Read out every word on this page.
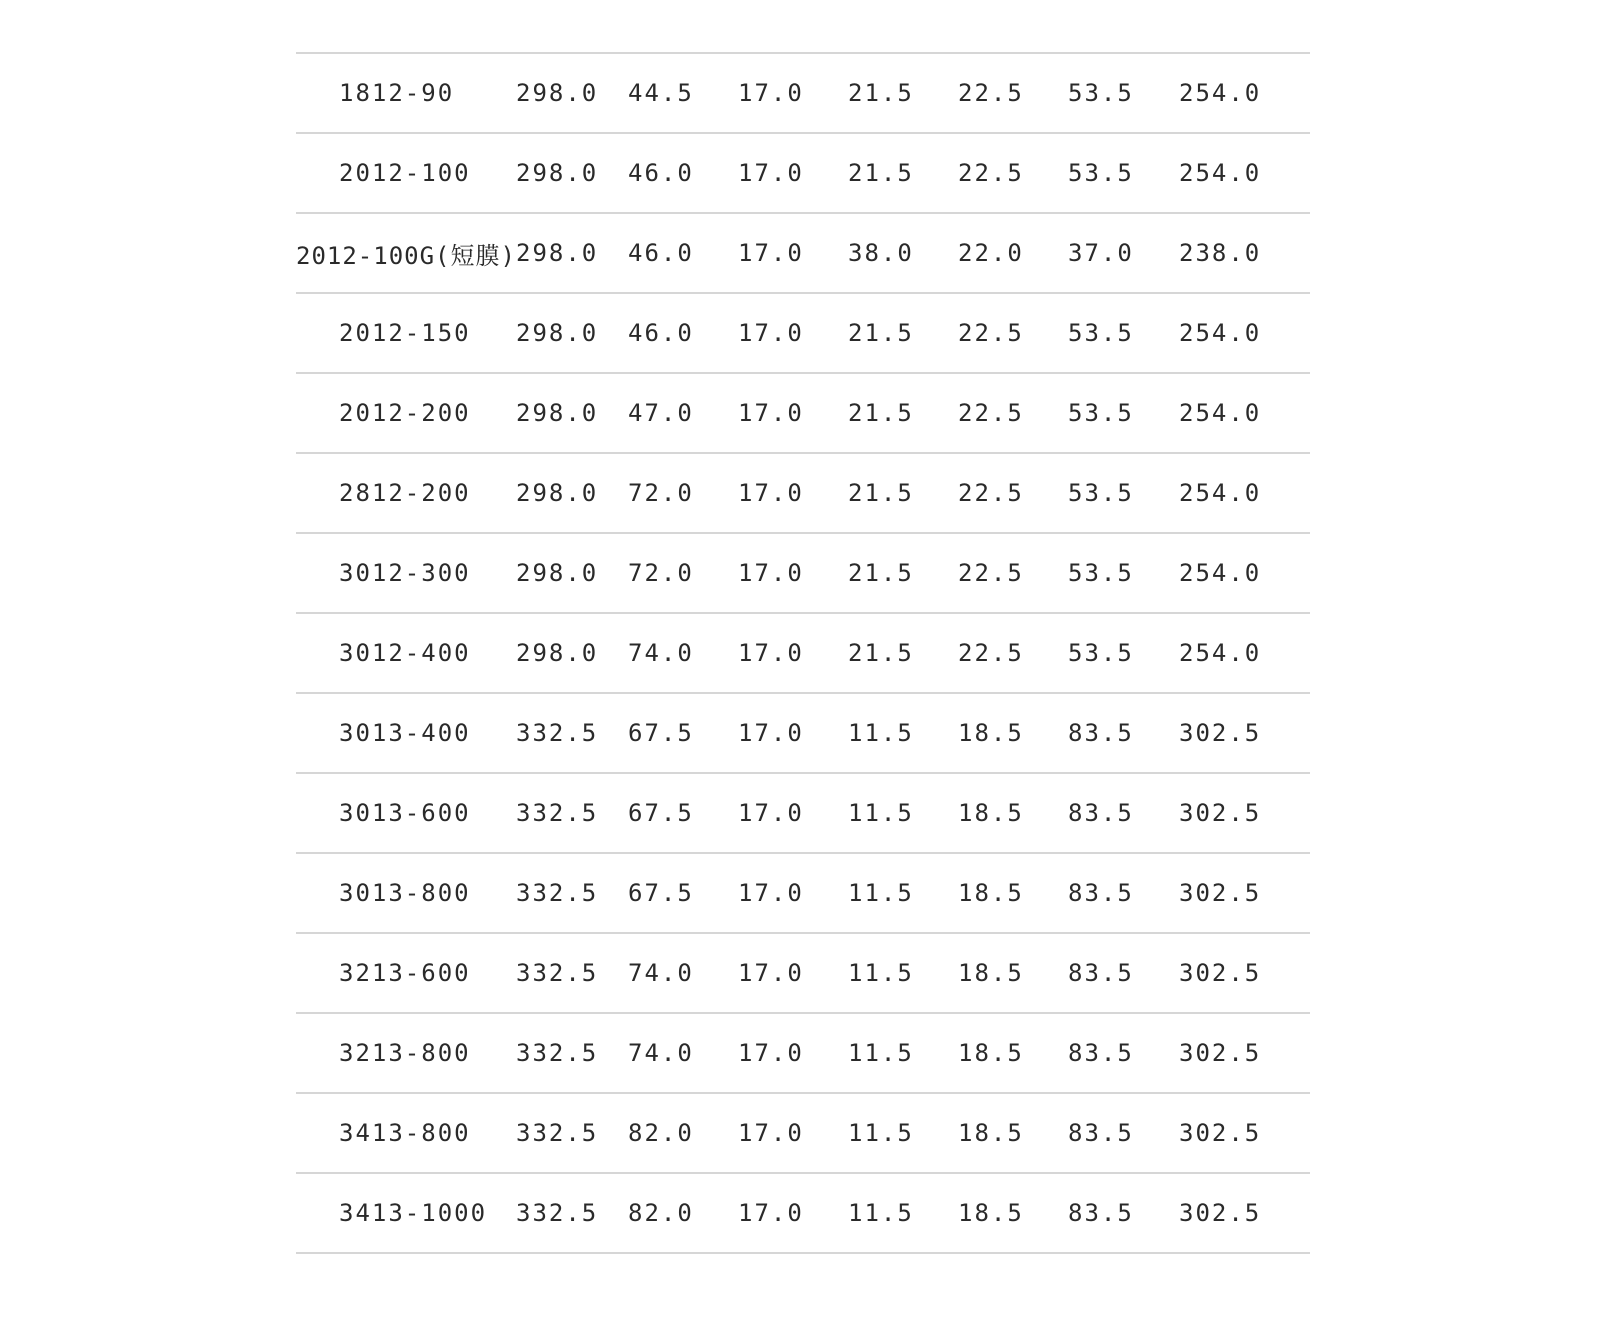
1812-90	298.0	44.5	17.0	21.5	22.5	53.5	254.0
2012-100	298.0	46.0	17.0	21.5	22.5	53.5	254.0
2012-100G(短膜) 298.0	46.0	17.0	38.0	22.0	37.0	238.0
2012-150	298.0	46.0	17.0	21.5	22.5	53.5	254.0
2012-200	298.0	47.0	17.0	21.5	22.5	53.5	254.0
2812-200	298.0	72.0	17.0	21.5	22.5	53.5	254.0
3012-300	298.0	72.0	17.0	21.5	22.5	53.5	254.0
3012-400	298.0	74.0	17.0	21.5	22.5	53.5	254.0
3013-400	332.5	67.5	17.0	11.5	18.5	83.5	302.5
3013-600	332.5	67.5	17.0	11.5	18.5	83.5	302.5
3013-800	332.5	67.5	17.0	11.5	18.5	83.5	302.5
3213-600	332.5	74.0	17.0	11.5	18.5	83.5	302.5
3213-800	332.5	74.0	17.0	11.5	18.5	83.5	302.5
3413-800	332.5	82.0	17.0	11.5	18.5	83.5	302.5
3413-1000	332.5	82.0	17.0	11.5	18.5	83.5	302.5
